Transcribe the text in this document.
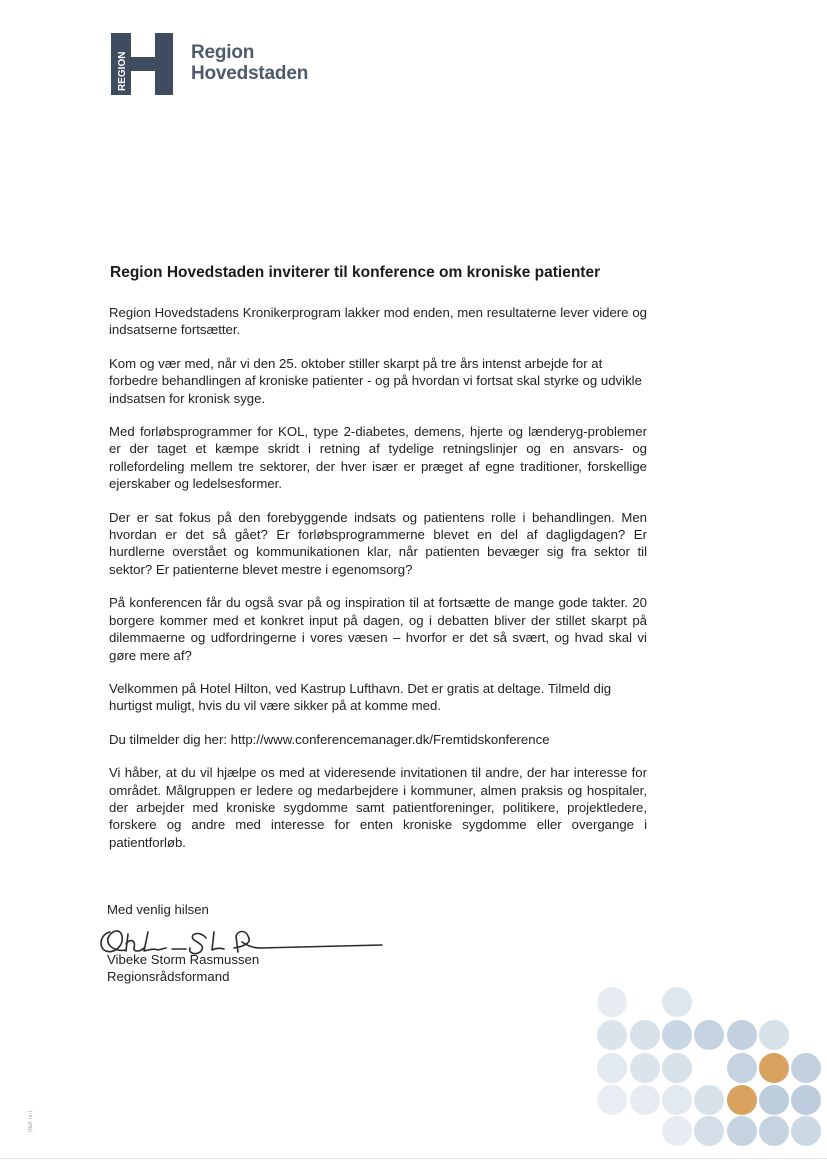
REGION	Region
Hovedstaden
Region Hovedstaden inviterer til konference om kroniske patienter

Region Hovedstadens Kronikerprogram lakker mod enden, men resultaterne lever videre og indsatserne fortsætter.

Kom og vær med, når vi den 25. oktober stiller skarpt på tre års intenst arbejde for at forbedre behandlingen af kroniske patienter - og på hvordan vi fortsat skal styrke og udvikle indsatsen for kronisk syge.

Med forløbsprogrammer for KOL, type 2-diabetes, demens, hjerte og lænderyg-problemer er der taget et kæmpe skridt i retning af tydelige retningslinjer og en ansvars- og rollefordeling mellem tre sektorer, der hver især er præget af egne traditioner, forskellige ejerskaber og ledelsesformer.

Der er sat fokus på den forebyggende indsats og patientens rolle i behandlingen. Men hvordan er det så gået? Er forløbsprogrammerne blevet en del af dagligdagen? Er hurdlerne overstået og kommunikationen klar, når patienten bevæger sig fra sektor til sektor? Er patienterne blevet mestre i egenomsorg?

På konferencen får du også svar på og inspiration til at fortsætte de mange gode takter. 20 borgere kommer med et konkret input på dagen, og i debatten bliver der stillet skarpt på dilemmaerne og udfordringerne i vores væsen – hvorfor er det så svært, og hvad skal vi gøre mere af?

Velkommen på Hotel Hilton, ved Kastrup Lufthavn. Det er gratis at deltage. Tilmeld dig hurtigst muligt, hvis du vil være sikker på at komme med.

Du tilmelder dig her: http://www.conferencemanager.dk/Fremtidskonference

Vi håber, at du vil hjælpe os med at videresende invitationen til andre, der har interesse for området. Målgruppen er ledere og medarbejdere i kommuner, almen praksis og hospitaler, der arbejder med kroniske sygdomme samt patientforeninger, politikere, projektledere, forskere og andre med interesse for enten kroniske sygdomme eller overgange i patientforløb.

Med venlig hilsen

Vibeke Storm Rasmussen
Regionsrådsformand
(Ref. nr.)
